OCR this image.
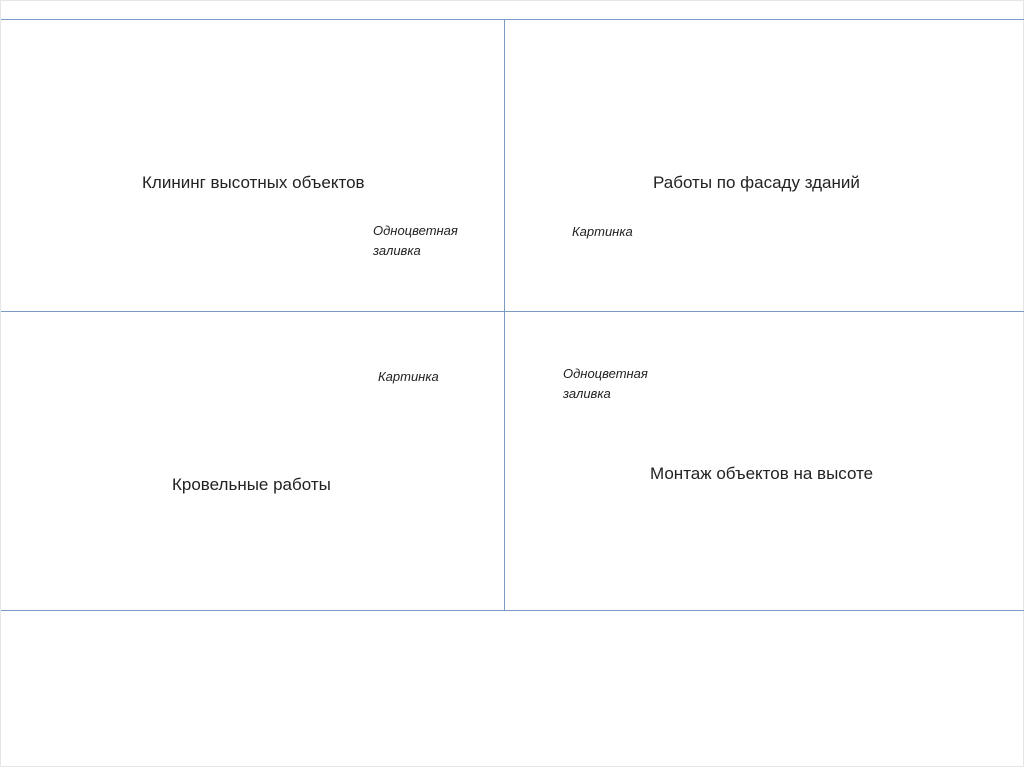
Клининг высотных объектов
Одноцветная
заливка
Работы по фасаду зданий
Картинка
Картинка
Кровельные работы
Одноцветная
заливка
Монтаж объектов на высоте
